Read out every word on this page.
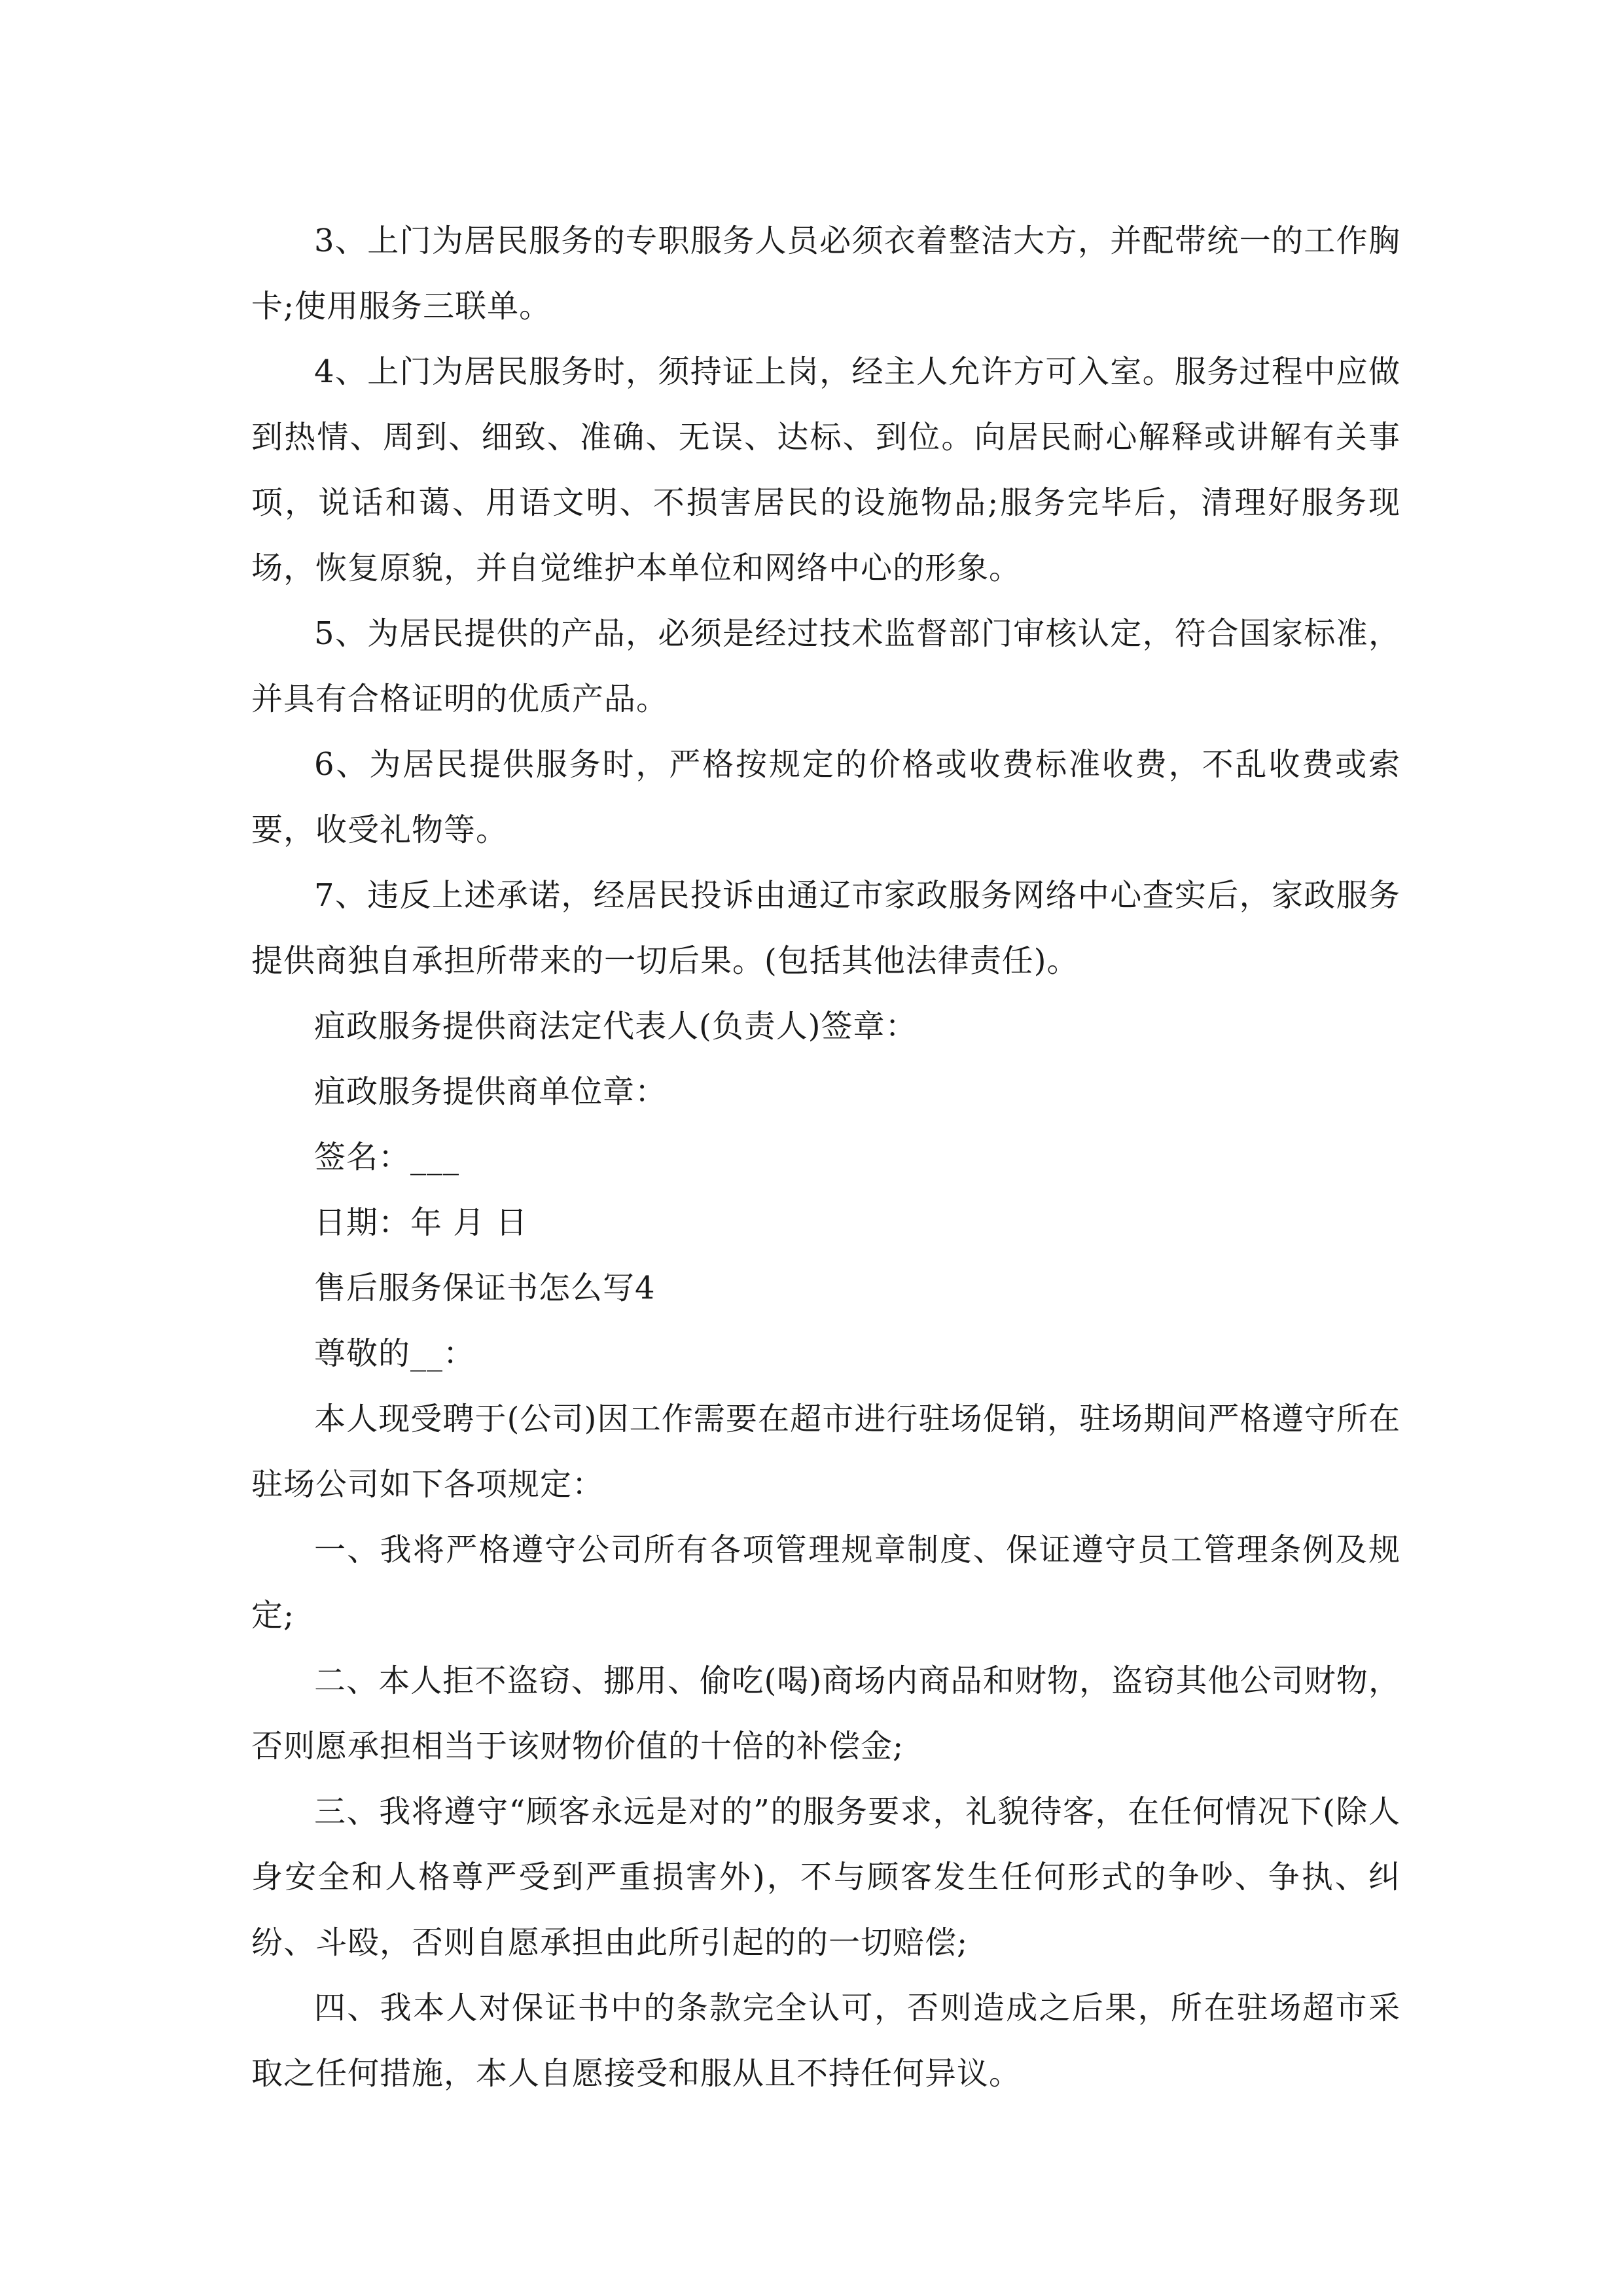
3、上门为居民服务的专职服务人员必须衣着整洁大方，并配带统一的工作胸卡;使用服务三联单。

4、上门为居民服务时，须持证上岗，经主人允许方可入室。服务过程中应做到热情、周到、细致、准确、无误、达标、到位。向居民耐心解释或讲解有关事项，说话和蔼、用语文明、不损害居民的设施物品;服务完毕后，清理好服务现场，恢复原貌，并自觉维护本单位和网络中心的形象。

5、为居民提供的产品，必须是经过技术监督部门审核认定，符合国家标准，并具有合格证明的优质产品。

6、为居民提供服务时，严格按规定的价格或收费标准收费，不乱收费或索要，收受礼物等。

7、违反上述承诺，经居民投诉由通辽市家政服务网络中心查实后，家政服务提供商独自承担所带来的一切后果。(包括其他法律责任)。

疽政服务提供商法定代表人(负责人)签章：

疽政服务提供商单位章：

签名：___

日期：年 月 日

售后服务保证书怎么写4

尊敬的__：

本人现受聘于(公司)因工作需要在超市进行驻场促销，驻场期间严格遵守所在驻场公司如下各项规定：

一、我将严格遵守公司所有各项管理规章制度、保证遵守员工管理条例及规定;

二、本人拒不盗窃、挪用、偷吃(喝)商场内商品和财物，盗窃其他公司财物，否则愿承担相当于该财物价值的十倍的补偿金;

三、我将遵守“顾客永远是对的”的服务要求，礼貌待客，在任何情况下(除人身安全和人格尊严受到严重损害外)，不与顾客发生任何形式的争吵、争执、纠纷、斗殴，否则自愿承担由此所引起的的一切赔偿;

四、我本人对保证书中的条款完全认可，否则造成之后果，所在驻场超市采取之任何措施，本人自愿接受和服从且不持任何异议。
